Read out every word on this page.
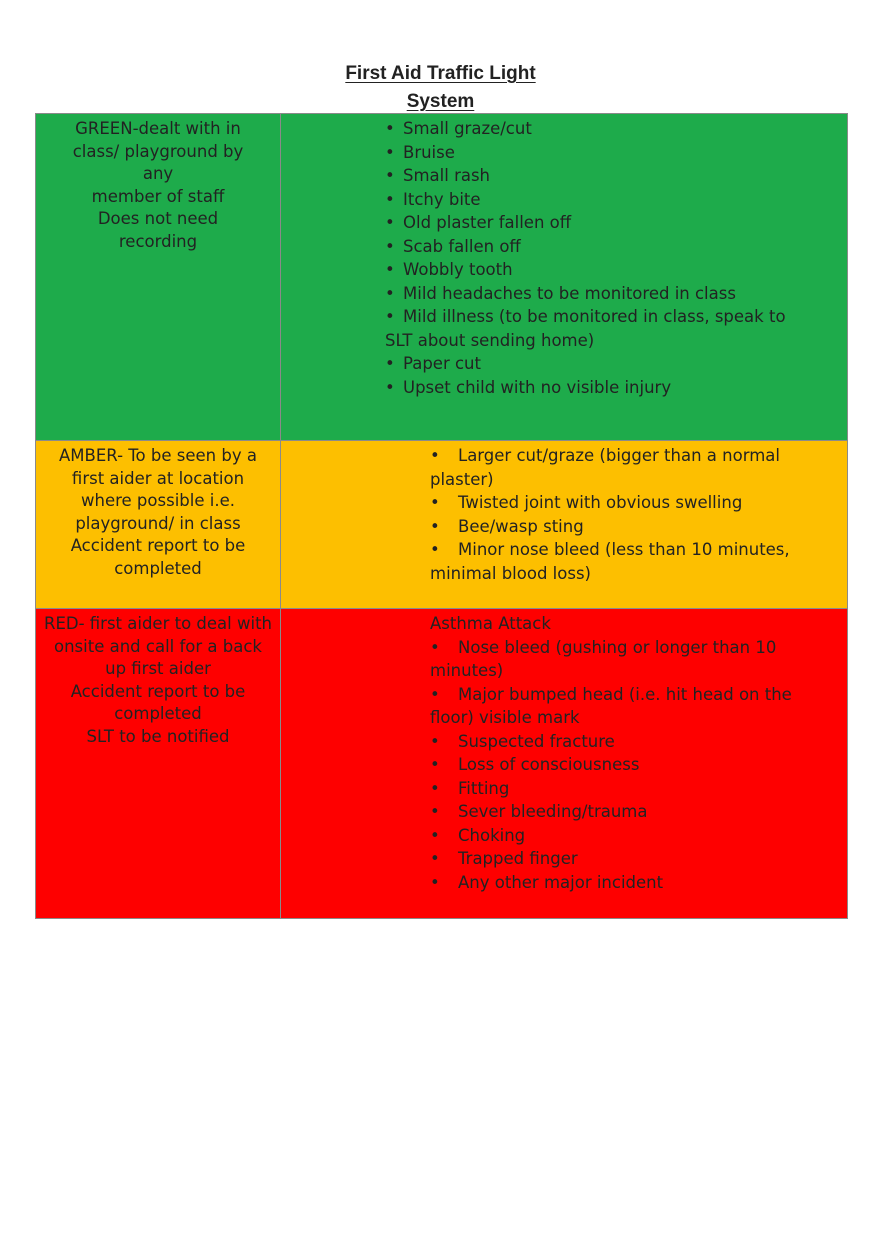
First Aid Traffic Light
System
GREEN-dealt with in
class/ playground by
any
member of staff
Does not need
recording
• Small graze/cut
• Bruise
• Small rash
• Itchy bite
• Old plaster fallen off
• Scab fallen off
• Wobbly tooth
• Mild headaches to be monitored in class
• Mild illness (to be monitored in class, speak to SLT about sending home)
• Paper cut
• Upset child with no visible injury
AMBER- To be seen by a
first aider at location
where possible i.e.
playground/ in class
Accident report to be
completed
• Larger cut/graze (bigger than a normal plaster)
• Twisted joint with obvious swelling
• Bee/wasp sting
• Minor nose bleed (less than 10 minutes, minimal blood loss)
RED- first aider to deal with
onsite and call for a back
up first aider
Accident report to be
completed
SLT to be notified
Asthma Attack
• Nose bleed (gushing or longer than 10 minutes)
• Major bumped head (i.e. hit head on the floor) visible mark
• Suspected fracture
• Loss of consciousness
• Fitting
• Sever bleeding/trauma
• Choking
• Trapped finger
• Any other major incident
